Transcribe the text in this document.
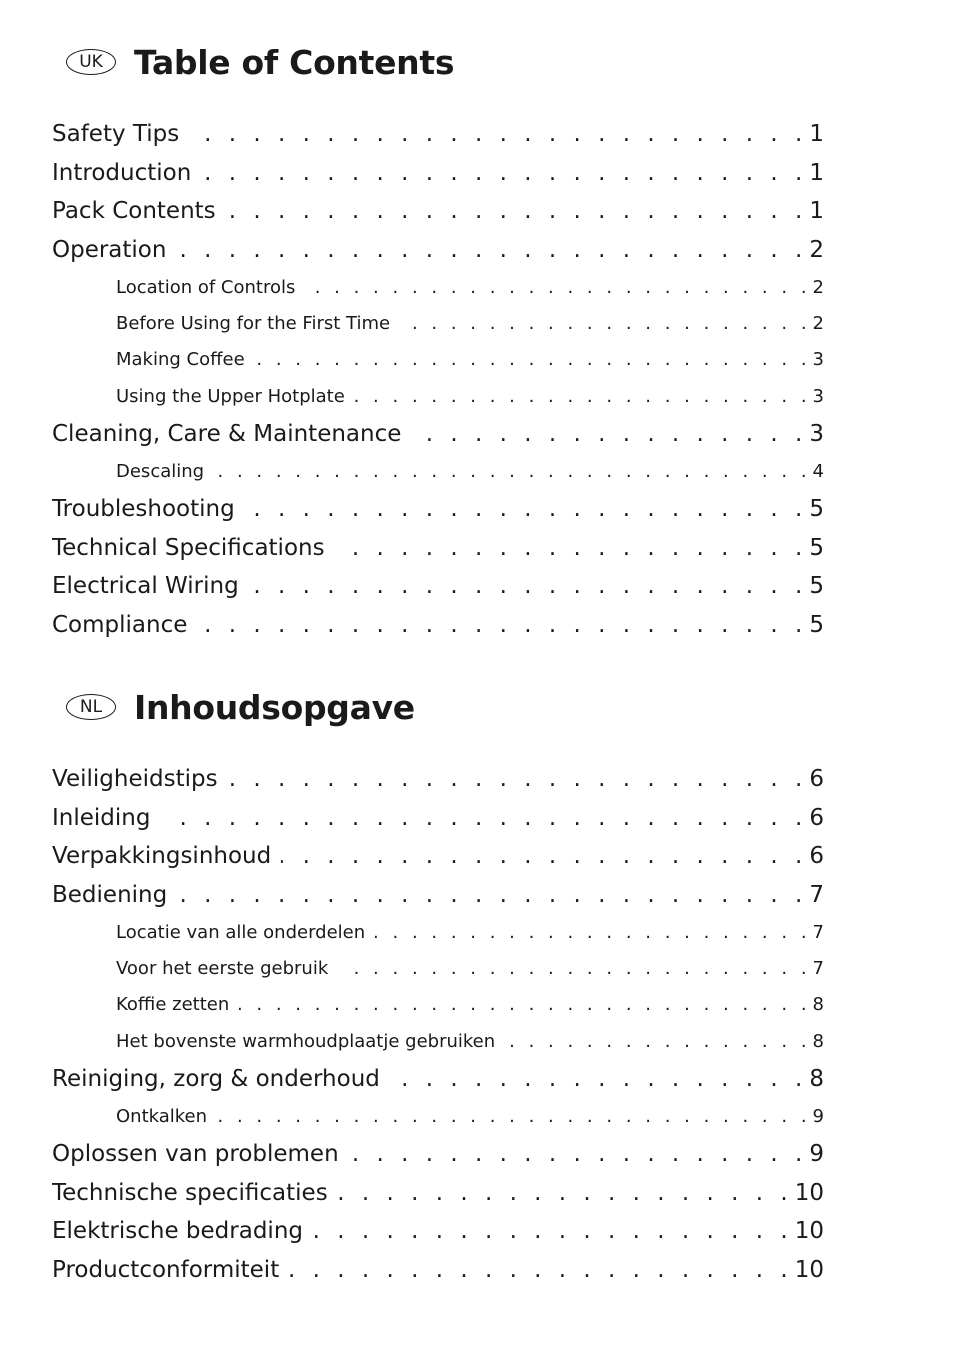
UK Table of Contents
Safety Tips . . .	1
Introduction . . .	1
Pack Contents . . .	1
Operation . . .	2
Location of Controls . . .	2
Before Using for the First Time . . .	2
Making Coffee . . .	3
Using the Upper Hotplate . . .	3
Cleaning, Care & Maintenance . . .	3
Descaling . . .	4
Troubleshooting . . .	5
Technical Specifications . . .	5
Electrical Wiring . . .	5
Compliance . . .	5
NL Inhoudsopgave
Veiligheidstips . . .	6
Inleiding . . .	6
Verpakkingsinhoud . . .	6
Bediening . . .	7
Locatie van alle onderdelen . . .	7
Voor het eerste gebruik . . .	7
Koffie zetten . . .	8
Het bovenste warmhoudplaatje gebruiken . . .	8
Reiniging, zorg & onderhoud . . .	8
Ontkalken . . .	9
Oplossen van problemen . . .	9
Technische specificaties . . .	10
Elektrische bedrading . . .	10
Productconformiteit . . .	10
